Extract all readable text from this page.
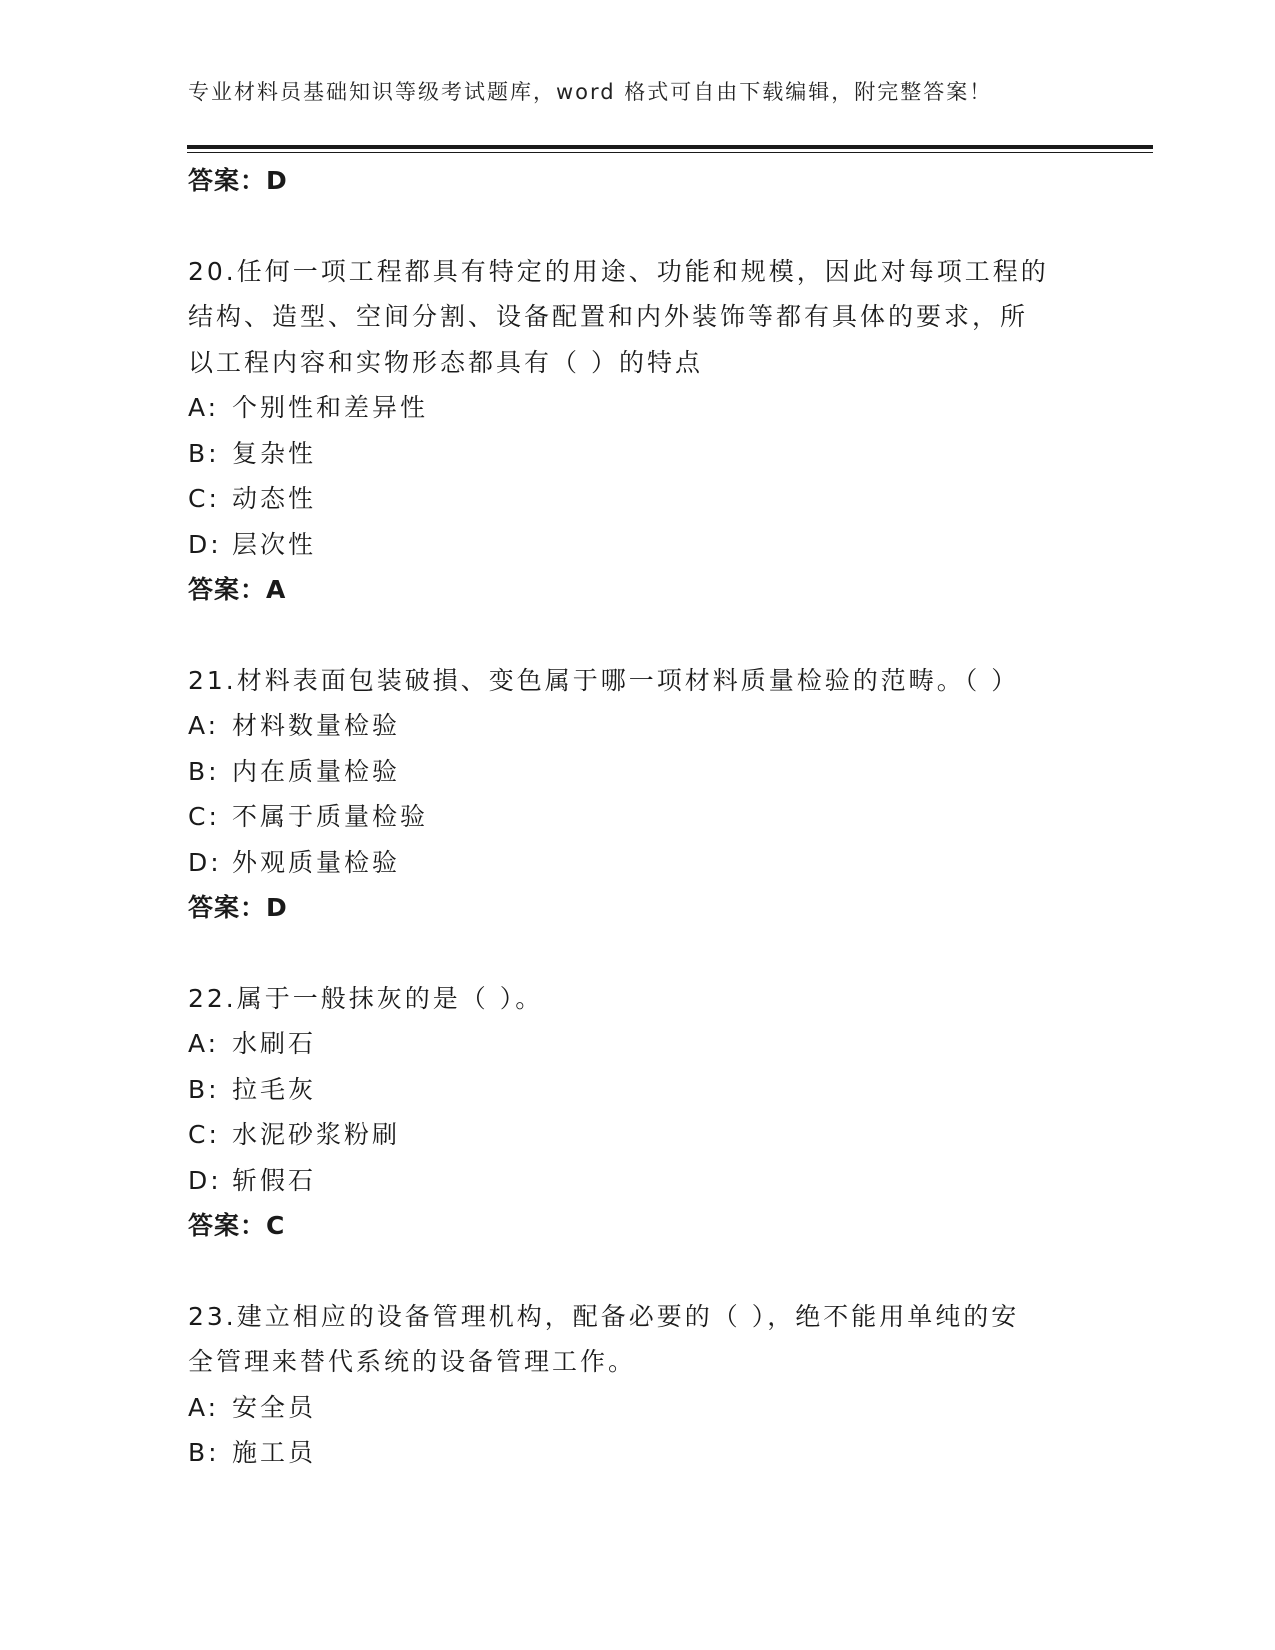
专业材料员基础知识等级考试题库，word 格式可自由下载编辑，附完整答案！
答案：D
20.任何一项工程都具有特定的用途、功能和规模，因此对每项工程的
结构、造型、空间分割、设备配置和内外装饰等都有具体的要求，所
以工程内容和实物形态都具有（ ）的特点
A: 个别性和差异性
B: 复杂性
C: 动态性
D: 层次性
答案：A
21.材料表面包装破損、变色属于哪一项材料质量检验的范畴。（ ）
A: 材料数量检验
B: 内在质量检验
C: 不属于质量检验
D: 外观质量检验
答案：D
22.属于一般抹灰的是（ ）。
A: 水刷石
B: 拉毛灰
C: 水泥砂浆粉刷
D: 斩假石
答案：C
23.建立相应的设备管理机构，配备必要的（ ），绝不能用单纯的安
全管理来替代系统的设备管理工作。
A: 安全员
B: 施工员
